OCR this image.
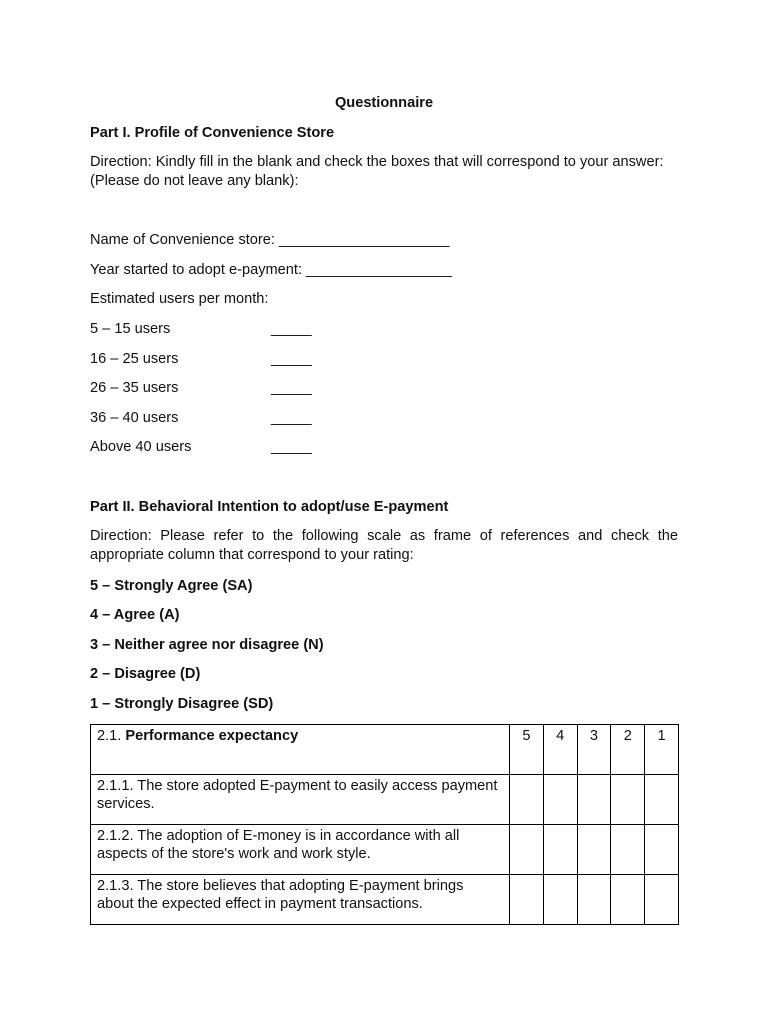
Questionnaire
Part I. Profile of Convenience Store
Direction: Kindly fill in the blank and check the boxes that will correspond to your answer:
(Please do not leave any blank):
Name of Convenience store: _____________________
Year started to adopt e-payment: __________________
Estimated users per month:
5 – 15 users	_____
16 – 25 users	_____
26 – 35 users	_____
36 – 40 users	_____
Above 40 users	_____
Part II. Behavioral Intention to adopt/use E-payment
Direction: Please refer to the following scale as frame of references and check the
appropriate column that correspond to your rating:
5 – Strongly Agree (SA)
4 – Agree (A)
3 – Neither agree nor disagree (N)
2 – Disagree (D)
1 – Strongly Disagree (SD)
2.1. Performance expectancy	5	4	3	2	1
2.1.1. The store adopted E-payment to easily access payment services.					
2.1.2. The adoption of E-money is in accordance with all aspects of the store's work and work style.					
2.1.3. The store believes that adopting E-payment brings about the expected effect in payment transactions.					
